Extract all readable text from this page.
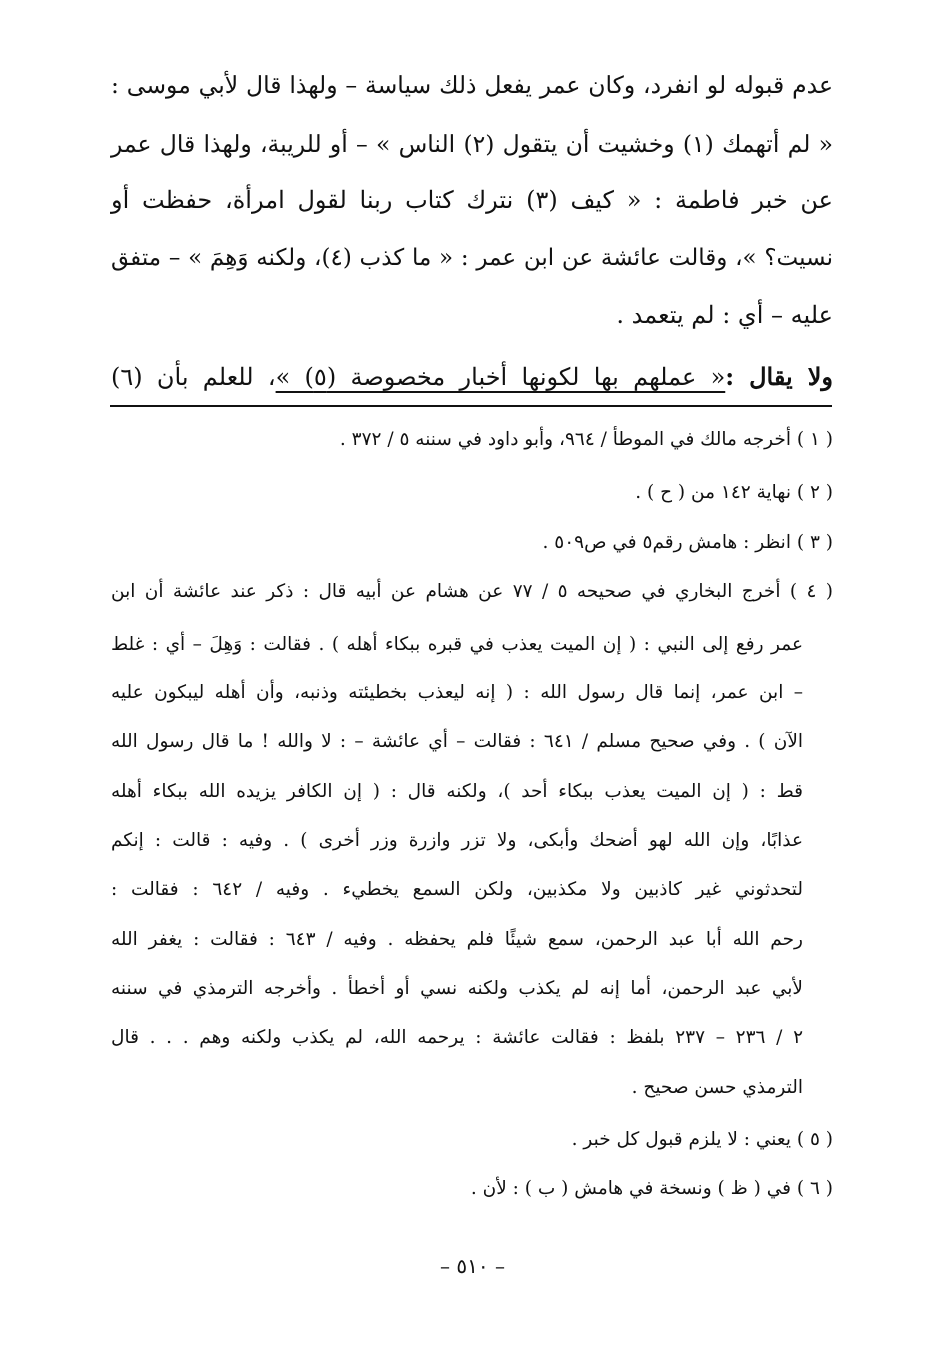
عدم قبوله لو انفرد، وكان عمر يفعل ذلك سياسة – ولهذا قال لأبي موسى :
« لم أتهمك (١) وخشيت أن يتقول (٢) الناس » – أو للريبة، ولهذا قال عمر
عن خبر فاطمة : « كيف (٣) نترك كتاب ربنا لقول امرأة، حفظت أو
نسيت؟ »، وقالت عائشة عن ابن عمر : « ما كذب (٤)، ولكنه وَهِمَ » – متفق
عليه – أي : لم يتعمد .
ولا يقال :« عملهم بها لكونها أخبار مخصوصة (٥) »، للعلم بأن (٦)
( ١ ) أخرجه مالك في الموطأ / ٩٦٤، وأبو داود في سننه ٥ / ٣٧٢ .
( ٢ ) نهاية ١٤٢ من ( ح ) .
( ٣ ) انظر : هامش رقم٥ في ص٥٠٩ .
( ٤ ) أخرج البخاري في صحيحه ٥ / ٧٧ عن هشام عن أبيه قال : ذكر عند عائشة أن ابن
عمر رفع إلى النبي : ( إن الميت يعذب في قبره ببكاء أهله ) . فقالت : وَهِلَ – أي : غلط
– ابن عمر، إنما قال رسول الله : ( إنه ليعذب بخطيئته وذنبه، وأن أهله ليبكون عليه
الآن ) . وفي صحيح مسلم / ٦٤١ : فقالت – أي عائشة – : لا والله ! ما قال رسول الله
قط : ( إن الميت يعذب ببكاء أحد )، ولكنه قال : ( إن الكافر يزيده الله ببكاء أهله
عذابًا، وإن الله لهو أضحك وأبكى، ولا تزر وازرة وزر أخرى ) . وفيه : قالت : إنكم
لتحدثوني غير كاذبين ولا مكذبين، ولكن السمع يخطيء . وفيه / ٦٤٢ : فقالت :
رحم الله أبا عبد الرحمن، سمع شيئًا فلم يحفظه . وفيه / ٦٤٣ : فقالت : يغفر الله
لأبي عبد الرحمن، أما إنه لم يكذب ولكنه نسي أو أخطأ . وأخرجه الترمذي في سننه
٢ / ٢٣٦ – ٢٣٧ بلفظ : فقالت عائشة : يرحمه الله، لم يكذب ولكنه وهم . . . قال
الترمذي حسن صحيح .
( ٥ ) يعني : لا يلزم قبول كل خبر .
( ٦ ) في ( ظ ) ونسخة في هامش ( ب ) : لأن .
– ٥١٠ –
